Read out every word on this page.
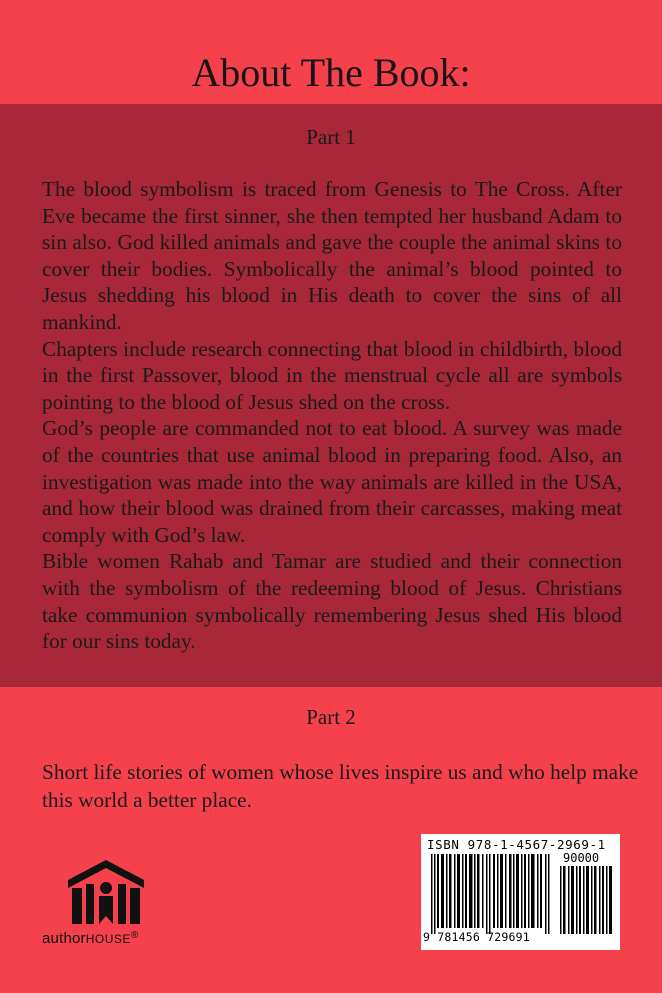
About The Book:
Part 1

The blood symbolism is traced from Genesis to The Cross. After Eve became the first sinner, she then tempted her husband Adam to sin also. God killed animals and gave the couple the animal skins to cover their bodies. Symbolically the animal’s blood pointed to Jesus shedding his blood in His death to cover the sins of all mankind.

Chapters include research connecting that blood in childbirth, blood in the first Passover, blood in the menstrual cycle all are symbols pointing to the blood of Jesus shed on the cross.

God’s people are commanded not to eat blood. A survey was made of the countries that use animal blood in preparing food. Also, an investigation was made into the way animals are killed in the USA, and how their blood was drained from their carcasses, making meat comply with God’s law.

Bible women Rahab and Tamar are studied and their connection with the symbolism of the redeeming blood of Jesus. Christians take communion symbolically remembering Jesus shed His blood for our sins today.

Part 2

Short life stories of women whose lives inspire us and who help make this world a better place.

authorHOUSE®
ISBN 978-1-4567-2969-1
90000
9 781456 729691
